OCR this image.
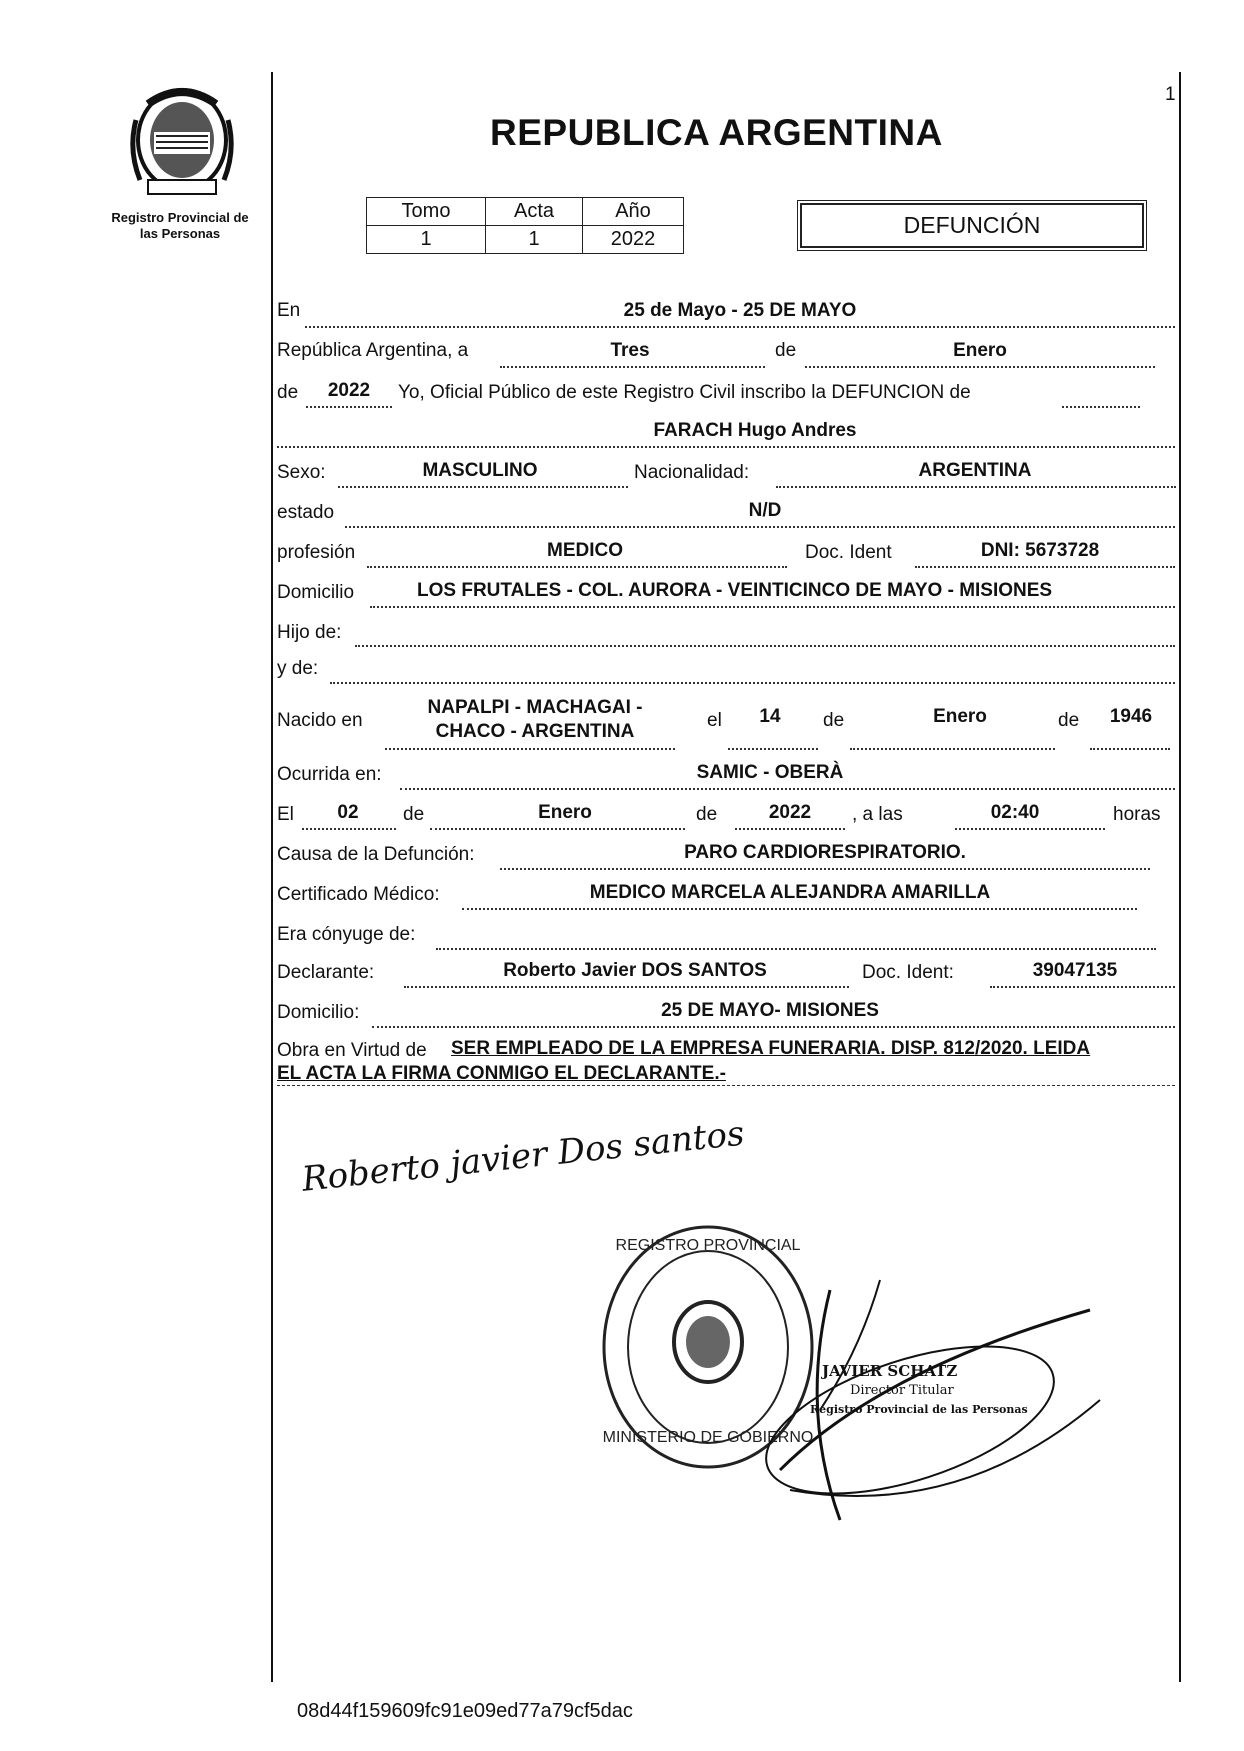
1
Registro Provincial de
las Personas
REPUBLICA ARGENTINA
Tomo	Acta	Año
1	1	2022
DEFUNCIÓN
En	25 de Mayo - 25 DE MAYO
República Argentina, a	Tres	de	Enero
de	2022	Yo, Oficial Público de este Registro Civil inscribo la DEFUNCION de
FARACH Hugo Andres
Sexo:	MASCULINO	Nacionalidad:	ARGENTINA
estado	N/D
profesión	MEDICO	Doc. Ident	DNI: 5673728
Domicilio	LOS FRUTALES - COL. AURORA - VEINTICINCO DE MAYO - MISIONES
Hijo de:
y de:
Nacido en
NAPALPI - MACHAGAI -
CHACO - ARGENTINA
el	14	de	Enero	de	1946
Ocurrida en:	SAMIC - OBERÀ
El	02	de	Enero	de	2022	, a las	02:40	horas
Causa de la Defunción:	PARO CARDIORESPIRATORIO.
Certificado Médico:	MEDICO MARCELA ALEJANDRA AMARILLA
Era cónyuge de:
Declarante:	Roberto Javier DOS SANTOS	Doc. Ident:	39047135
Domicilio:	25 DE MAYO- MISIONES
Obra en Virtud de SER EMPLEADO DE LA EMPRESA FUNERARIA. DISP. 812/2020. LEIDA
EL ACTA LA FIRMA CONMIGO EL DECLARANTE.-
Roberto javier Dos santos
REGISTRO PROVINCIAL
MINISTERIO DE GOBIERNO
JAVIER SCHATZ
Director Titular
Registro Provincial de las Personas
08d44f159609fc91e09ed77a79cf5dac
